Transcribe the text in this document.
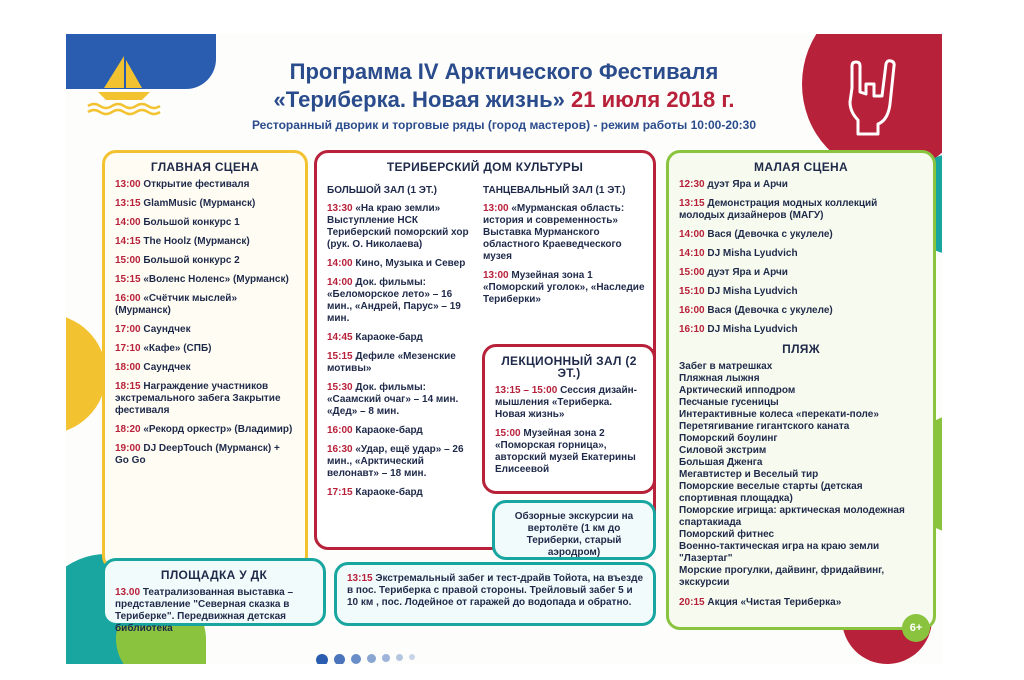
Программа IV Арктического Фестиваля
«Териберка. Новая жизнь» 21 июля 2018 г.
Ресторанный дворик и торговые ряды (город мастеров) - режим работы 10:00-20:30
ГЛАВНАЯ СЦЕНА
13:00 Открытие фестиваля
13:15 GlamMusic (Мурманск)
14:00 Большой конкурс 1
14:15 The Hoolz (Мурманск)
15:00 Большой конкурс 2
15:15 «Воленс Ноленс» (Мурманск)
16:00 «Счётчик мыслей» (Мурманск)
17:00 Саундчек
17:10 «Кафе» (СПБ)
18:00 Саундчек
18:15 Награждение участников экстремального забега Закрытие фестиваля
18:20 «Рекорд оркестр» (Владимир)
19:00 DJ DeepTouch (Мурманск) + Go Go
ТЕРИБЕРСКИЙ ДОМ КУЛЬТУРЫ
БОЛЬШОЙ ЗАЛ (1 ЭТ.)
13:30 «На краю земли» Выступление НСК Териберский поморский хор (рук. О. Николаева)
14:00 Кино, Музыка и Север
14:00 Док. фильмы: «Беломорское лето» – 16 мин., «Андрей, Парус» – 19 мин.
14:45 Караоке-бард
15:15 Дефиле «Мезенские мотивы»
15:30 Док. фильмы: «Саамский очаг» – 14 мин. «Дед» – 8 мин.
16:00 Караоке-бард
16:30 «Удар, ещё удар» – 26 мин., «Арктический велонавт» – 18 мин.
17:15 Караоке-бард
ТАНЦЕВАЛЬНЫЙ ЗАЛ (1 ЭТ.)
13:00 «Мурманская область: история и современность» Выставка Мурманского областного Краеведческого музея
13:00 Музейная зона 1 «Поморский уголок», «Наследие Териберки»
ЛЕКЦИОННЫЙ ЗАЛ (2 ЭТ.)
13:15 – 15:00 Сессия дизайн- мышления «Териберка. Новая жизнь»
15:00 Музейная зона 2 «Поморская горница», авторский музей Екатерины Елисеевой
Обзорные экскурсии на вертолёте (1 км до Териберки, старый аэродром)
МАЛАЯ СЦЕНА
12:30 дуэт Яра и Арчи
13:15 Демонстрация модных коллекций молодых дизайнеров (МАГУ)
14:00 Вася (Девочка с укулеле)
14:10 DJ Misha Lyudvich
15:00 дуэт Яра и Арчи
15:10 DJ Misha Lyudvich
16:00 Вася (Девочка с укулеле)
16:10 DJ Misha Lyudvich
ПЛЯЖ
Забег в матрешках
Пляжная лыжня
Арктический ипподром
Песчаные гусеницы
Интерактивные колеса «перекати-поле»
Перетягивание гигантского каната
Поморский боулинг
Силовой экстрим
Большая Дженга
Мегавтистер и Веселый тир
Поморские веселые старты (детская спортивная площадка)
Поморские игрища: арктическая молодежная спартакиада
Поморский фитнес
Военно-тактическая игра на краю земли "Лазертаг"
Морские прогулки, дайвинг, фридайвинг, экскурсии
20:15 Акция «Чистая Териберка»
ПЛОЩАДКА У ДК
13.00 Театрализованная выставка – представление "Северная сказка в Териберке". Передвижная детская библиотека
13:15 Экстремальный забег и тест-драйв Тойота, на въезде в пос. Териберка с правой стороны. Трейловый забег 5 и 10 км , пос. Лодейное от гаражей до водопада и обратно.
6+
